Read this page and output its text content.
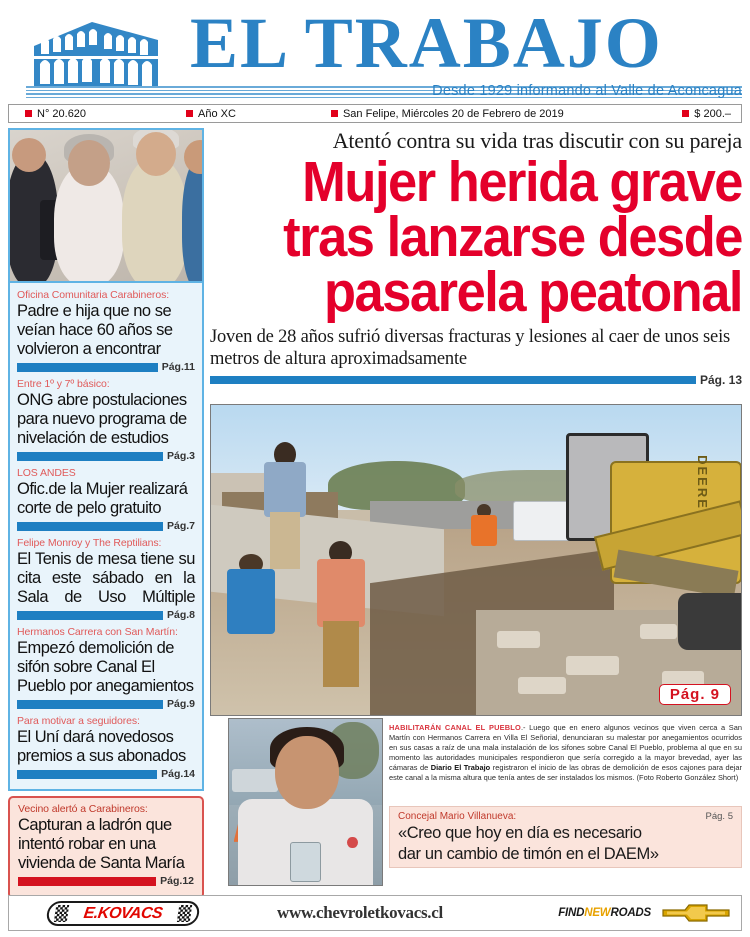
EL TRABAJO
Desde 1929 informando al Valle de Aconcagua
N° 20.620	Año XC	San Felipe, Miércoles 20 de Febrero de 2019	$ 200.–
Oficina Comunitaria Carabineros:
Padre e hija que no se veían hace 60 años se volvieron a encontrar
Pág.11
Entre 1º y 7º básico:
ONG abre postulaciones para nuevo programa de nivelación de estudios
Pág.3
LOS ANDES
Ofic.de la Mujer realizará corte de pelo gratuito
Pág.7
Felipe Monroy y The Reptilians:
El Tenis de mesa tiene su cita este sábado en la Sala de Uso Múltiple
Pág.8
Hermanos Carrera con San Martín:
Empezó demolición de sifón sobre Canal El Pueblo por anegamientos
Pág.9
Para motivar a seguidores:
El Uní dará novedosos premios a sus abonados
Pág.14
Vecino alertó a Carabineros:
Capturan a ladrón que intentó robar en una vivienda de Santa María
Pág.12
Atentó contra su vida tras discutir con su pareja
Mujer herida grave
tras lanzarse desde
pasarela peatonal
Joven de 28 años sufrió diversas fracturas y lesiones al caer de unos seis metros de altura aproximadsamente
Pág. 13
DEERE
Pág. 9

HABILITARÁN CANAL EL PUEBLO.- Luego que en enero algunos vecinos que viven cerca a San Martín con Hermanos Carrera en Villa El Señorial, denunciaran su malestar por anegamientos ocurridos en sus casas a raíz de una mala instalación de los sifones sobre Canal El Pueblo, problema al que en su momento las autoridades municipales respondieron que sería corregido a la mayor brevedad, ayer las cámaras de Diario El Trabajo registraron el inicio de las obras de demolición de esos cajones para dejar este canal a la misma altura que tenía antes de ser instalados los mismos. (Foto Roberto González Short)

Concejal Mario Villanueva:	Pág. 5
«Creo que hoy en día es necesario
dar un cambio de timón en el DAEM»
E.KOVACS	www.chevroletkovacs.cl	FINDNEWROADS
